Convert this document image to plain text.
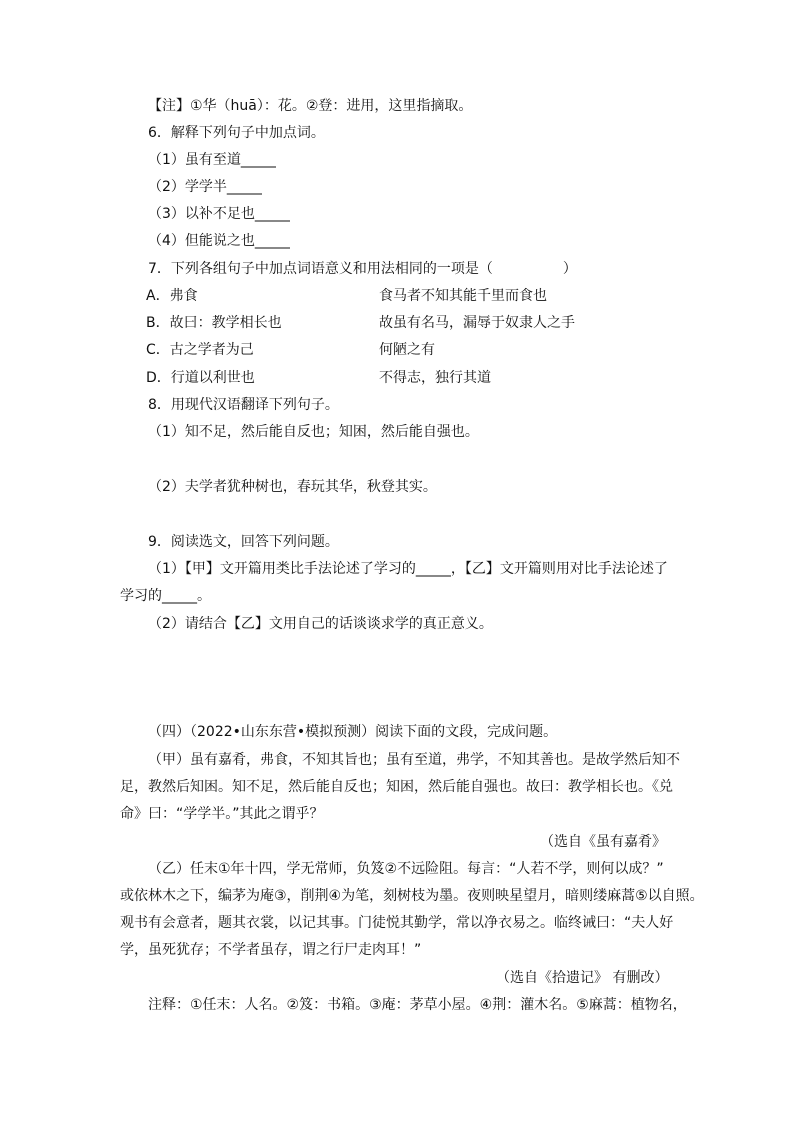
【注】①华（huā）：花。②登：进用，这里指摘取。
6．解释下列句子中加点词。
（1）虽有至道_____
（2）学学半_____
（3）以补不足也_____
（4）但能说之也_____
7．下列各组句子中加点词语意义和用法相同的一项是（　　　　　）
A．弗食	食马者不知其能千里而食也
B．故曰：教学相长也	故虽有名马，漏辱于奴隶人之手
C．古之学者为己	何陋之有
D．行道以利世也	不得志，独行其道
8．用现代汉语翻译下列句子。
（1）知不足，然后能自反也；知困，然后能自强也。
（2）夫学者犹种树也，春玩其华，秋登其实。
9．阅读选文，回答下列问题。
（1）【甲】文开篇用类比手法论述了学习的_____，【乙】文开篇则用对比手法论述了
学习的_____。
（2）请结合【乙】文用自己的话谈谈求学的真正意义。
（四）（2022•山东东营•模拟预测）阅读下面的文段，完成问题。
（甲）虽有嘉肴，弗食，不知其旨也；虽有至道，弗学，不知其善也。是故学然后知不
足，教然后知困。知不足，然后能自反也；知困，然后能自强也。故曰：教学相长也。《兑
命》曰：“学学半。”其此之谓乎？
（选自《虽有嘉肴》
（乙）任末①年十四，学无常师，负笈②不远险阻。每言：“人若不学，则何以成？”
或依林木之下，编茅为庵③，削荆④为笔，刻树枝为墨。夜则映星望月，暗则缕麻蒿⑤以自照。
观书有会意者，题其衣裳，以记其事。门徒悦其勤学，常以净衣易之。临终诫曰：“夫人好
学，虽死犹存；不学者虽存，谓之行尸走肉耳！”
（选自《拾遗记》 有删改）
注释：①任末：人名。②笈：书箱。③庵：茅草小屋。④荆：灌木名。⑤麻蒿：植物名，
